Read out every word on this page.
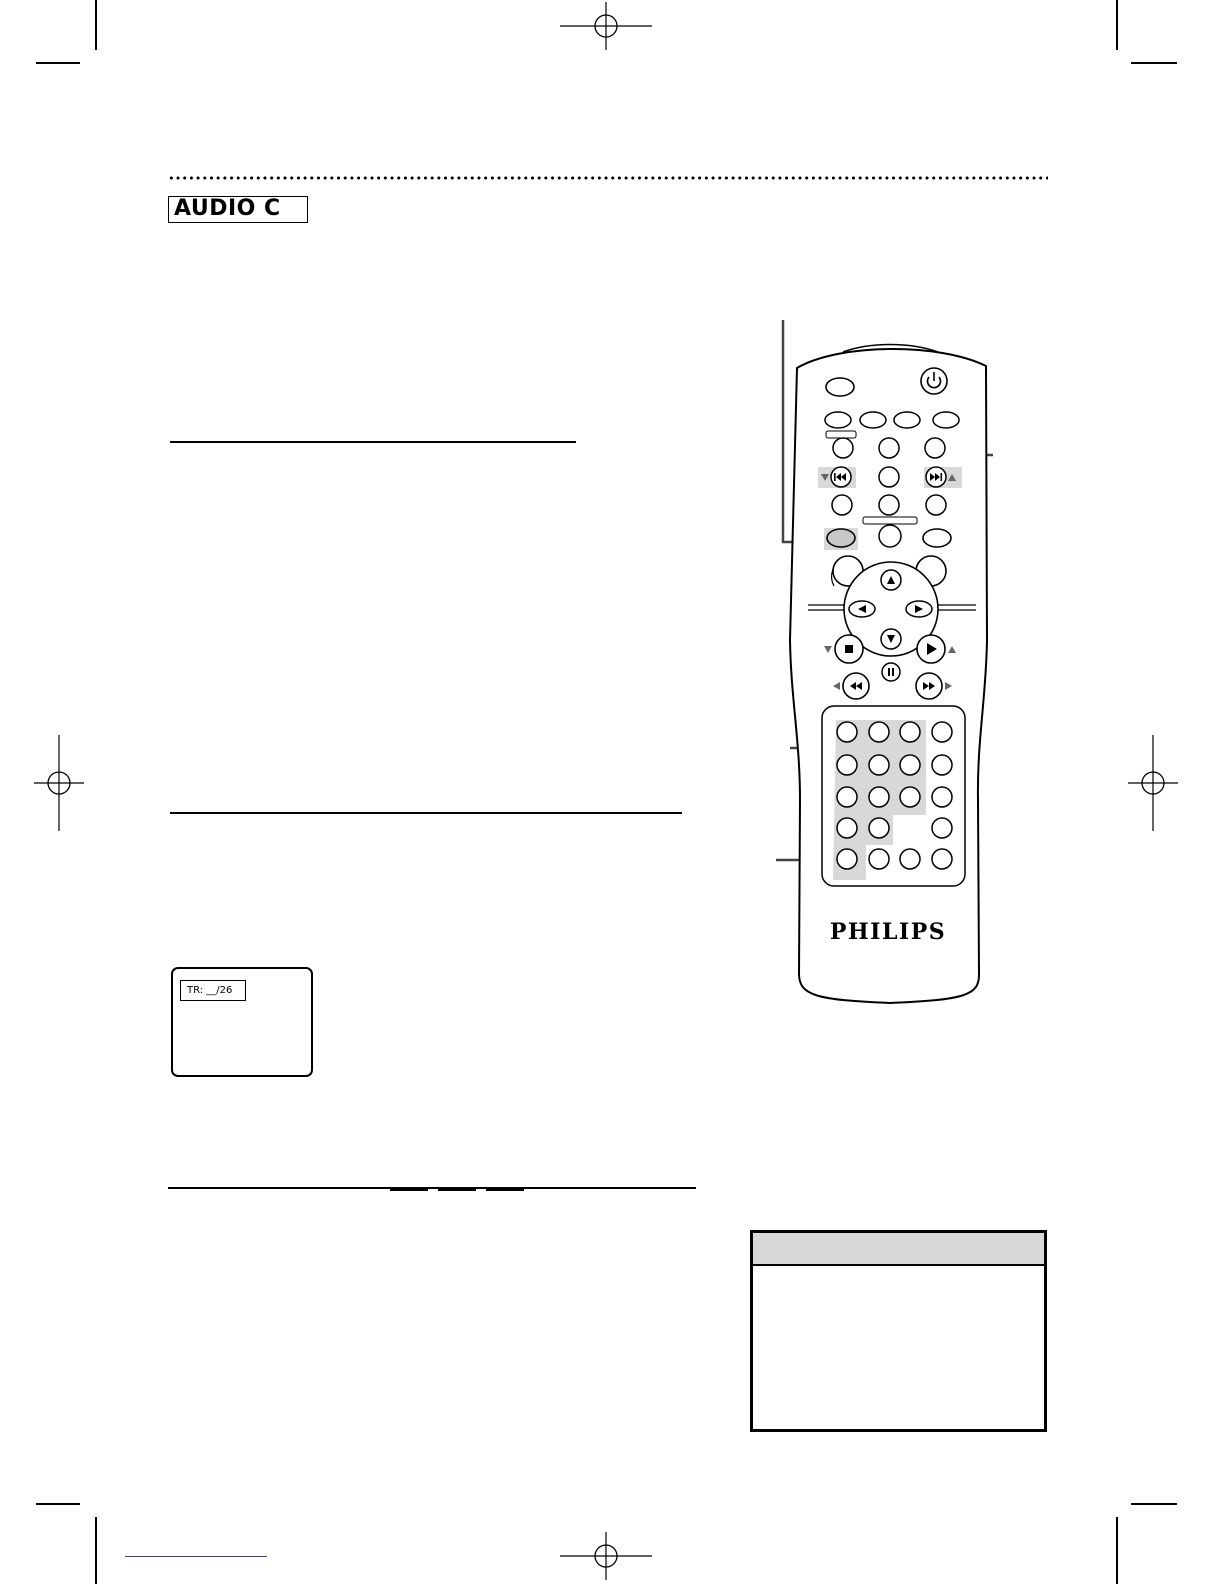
AUDIO C
TR: __/26
PHILIPS
